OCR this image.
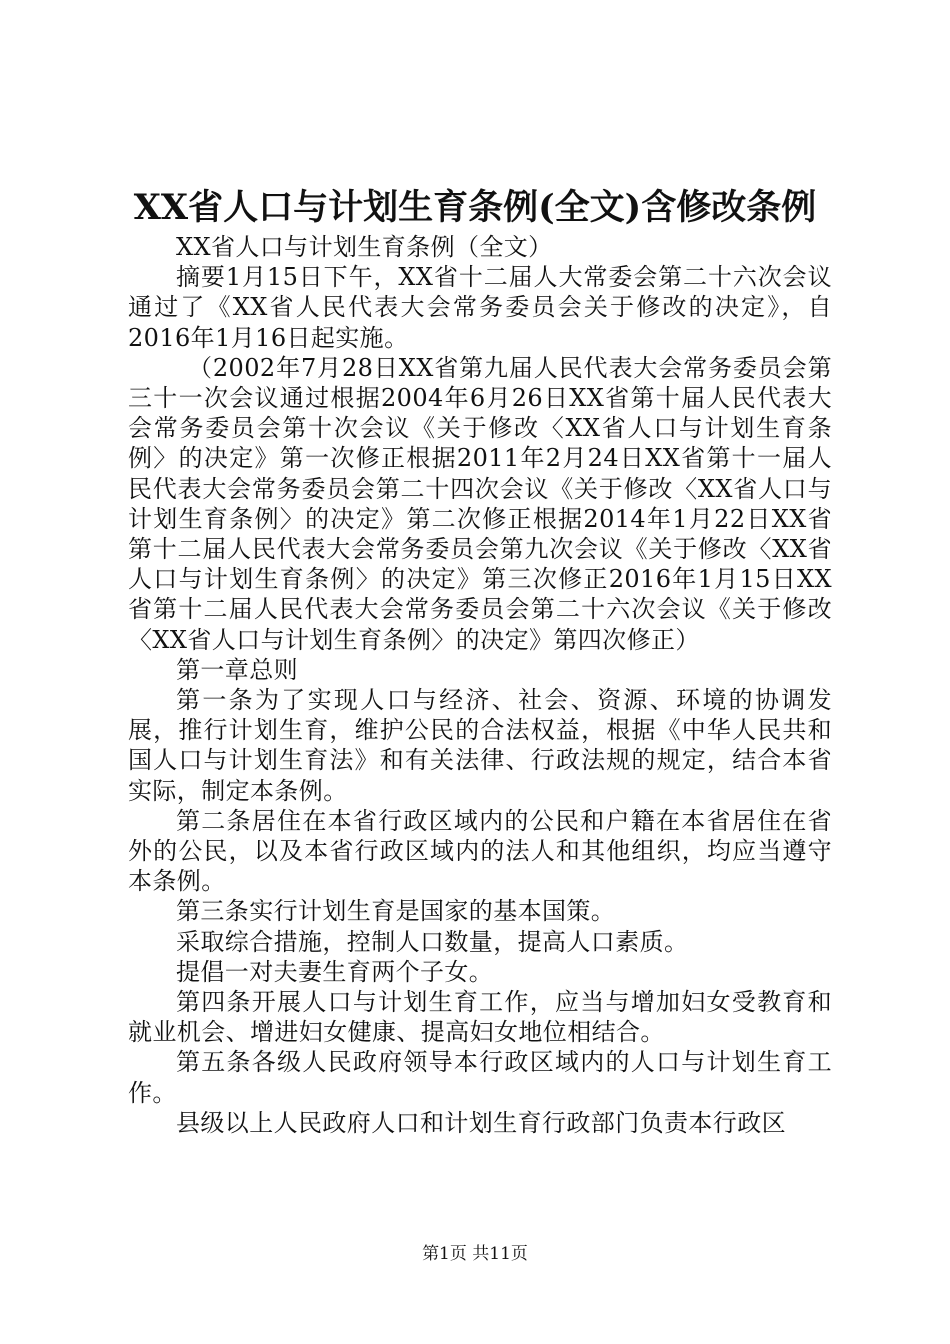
XX省人口与计划生育条例(全文)含修改条例

XX省人口与计划生育条例（全文）

摘要1月15日下午，XX省十二届人大常委会第二十六次会议通过了《XX省人民代表大会常务委员会关于修改的决定》，自2016年1月16日起实施。

（2002年7月28日XX省第九届人民代表大会常务委员会第三十一次会议通过根据2004年6月26日XX省第十届人民代表大会常务委员会第十次会议《关于修改〈XX省人口与计划生育条例〉的决定》第一次修正根据2011年2月24日XX省第十一届人民代表大会常务委员会第二十四次会议《关于修改〈XX省人口与计划生育条例〉的决定》第二次修正根据2014年1月22日XX省第十二届人民代表大会常务委员会第九次会议《关于修改〈XX省人口与计划生育条例〉的决定》第三次修正2016年1月15日XX省第十二届人民代表大会常务委员会第二十六次会议《关于修改〈XX省人口与计划生育条例〉的决定》第四次修正）

第一章总则

第一条为了实现人口与经济、社会、资源、环境的协调发展，推行计划生育，维护公民的合法权益，根据《中华人民共和国人口与计划生育法》和有关法律、行政法规的规定，结合本省实际，制定本条例。

第二条居住在本省行政区域内的公民和户籍在本省居住在省外的公民，以及本省行政区域内的法人和其他组织，均应当遵守本条例。

第三条实行计划生育是国家的基本国策。

采取综合措施，控制人口数量，提高人口素质。

提倡一对夫妻生育两个子女。

第四条开展人口与计划生育工作，应当与增加妇女受教育和就业机会、增进妇女健康、提高妇女地位相结合。

第五条各级人民政府领导本行政区域内的人口与计划生育工作。

县级以上人民政府人口和计划生育行政部门负责本行政区

第1页 共11页
